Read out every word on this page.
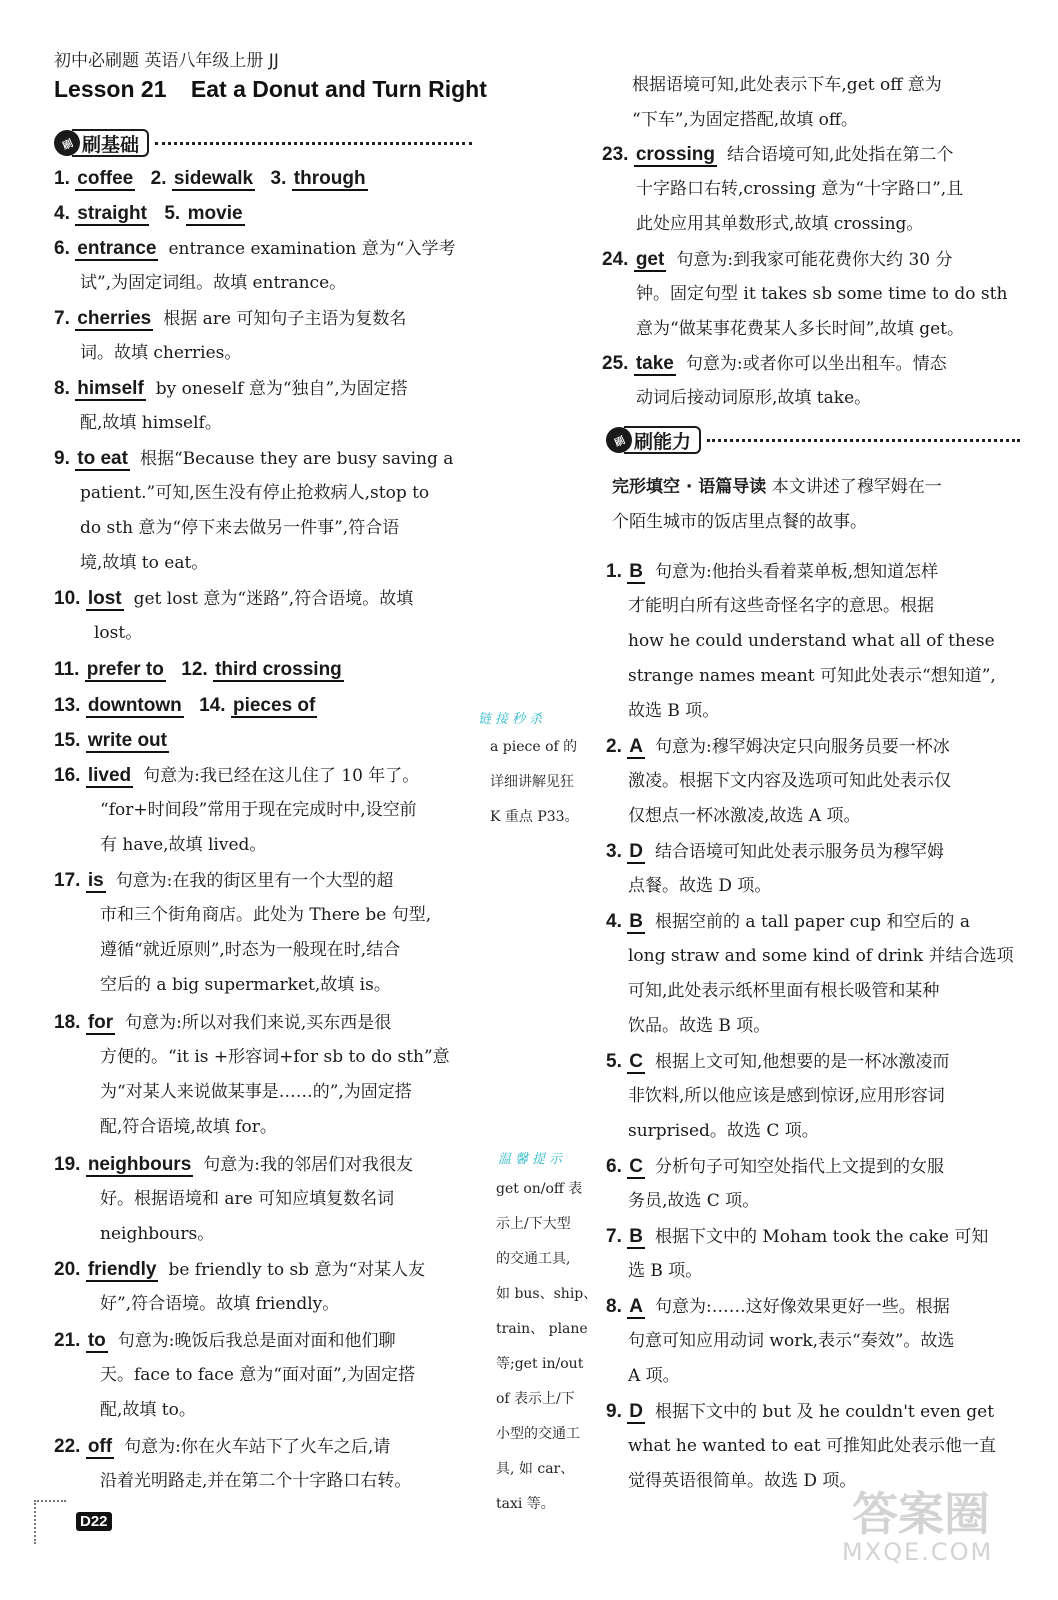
初中必刷题 英语八年级上册 JJ
Lesson 21 Eat a Donut and Turn Right
刷 刷基础
1. coffee 2. sidewalk 3. through
4. straight 5. movie
6. entrance entrance examination 意为“入学考
试”,为固定词组。故填 entrance。
7. cherries 根据 are 可知句子主语为复数名
词。故填 cherries。
8. himself by oneself 意为“独自”,为固定搭
配,故填 himself。
9. to eat 根据“Because they are busy saving a
patient.”可知,医生没有停止抢救病人,stop to
do sth 意为“停下来去做另一件事”,符合语
境,故填 to eat。
10. lost get lost 意为“迷路”,符合语境。故填
lost。
11. prefer to 12. third crossing
13. downtown 14. pieces of
15. write out
16. lived 句意为:我已经在这儿住了 10 年了。
“for+时间段”常用于现在完成时中,设空前
有 have,故填 lived。
17. is 句意为:在我的街区里有一个大型的超
市和三个街角商店。此处为 There be 句型,
遵循“就近原则”,时态为一般现在时,结合
空后的 a big supermarket,故填 is。
18. for 句意为:所以对我们来说,买东西是很
方便的。“it is +形容词+for sb to do sth”意
为“对某人来说做某事是……的”,为固定搭
配,符合语境,故填 for。
19. neighbours 句意为:我的邻居们对我很友
好。根据语境和 are 可知应填复数名词
neighbours。
20. friendly be friendly to sb 意为“对某人友
好”,符合语境。故填 friendly。
21. to 句意为:晚饭后我总是面对面和他们聊
天。face to face 意为“面对面”,为固定搭
配,故填 to。
22. off 句意为:你在火车站下了火车之后,请
沿着光明路走,并在第二个十字路口右转。
链接秒杀
a piece of 的
详细讲解见狂
K 重点 P33。
温馨提示
get on/off 表
示上/下大型
的交通工具,
如 bus、ship、
train、 plane
等;get in/out
of 表示上/下
小型的交通工
具, 如 car、
taxi 等。
根据语境可知,此处表示下车,get off 意为
“下车”,为固定搭配,故填 off。
23. crossing 结合语境可知,此处指在第二个
十字路口右转,crossing 意为“十字路口”,且
此处应用其单数形式,故填 crossing。
24. get 句意为:到我家可能花费你大约 30 分
钟。固定句型 it takes sb some time to do sth
意为“做某事花费某人多长时间”,故填 get。
25. take 句意为:或者你可以坐出租车。情态
动词后接动词原形,故填 take。
刷 刷能力
完形填空 · 语篇导读 本文讲述了穆罕姆在一
个陌生城市的饭店里点餐的故事。
1. B 句意为:他抬头看着菜单板,想知道怎样
才能明白所有这些奇怪名字的意思。根据
how he could understand what all of these
strange names meant 可知此处表示“想知道”,
故选 B 项。
2. A 句意为:穆罕姆决定只向服务员要一杯冰
激凌。根据下文内容及选项可知此处表示仅
仅想点一杯冰激凌,故选 A 项。
3. D 结合语境可知此处表示服务员为穆罕姆
点餐。故选 D 项。
4. B 根据空前的 a tall paper cup 和空后的 a
long straw and some kind of drink 并结合选项
可知,此处表示纸杯里面有根长吸管和某种
饮品。故选 B 项。
5. C 根据上文可知,他想要的是一杯冰激凌而
非饮料,所以他应该是感到惊讶,应用形容词
surprised。故选 C 项。
6. C 分析句子可知空处指代上文提到的女服
务员,故选 C 项。
7. B 根据下文中的 Moham took the cake 可知
选 B 项。
8. A 句意为:……这好像效果更好一些。根据
句意可知应用动词 work,表示“奏效”。故选
A 项。
9. D 根据下文中的 but 及 he couldn't even get
what he wanted to eat 可推知此处表示他一直
觉得英语很简单。故选 D 项。
D22	答案圈
MXQE.COM
